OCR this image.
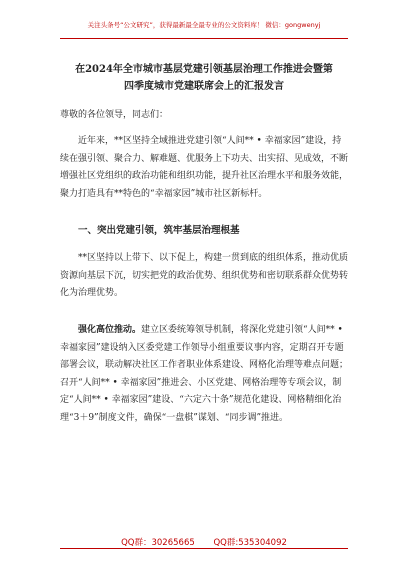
关注头条号“公文研究”，获得最新最全最专业的公文资料库！ 微信：gongwenyj
在2024年全市城市基层党建引领基层治理工作推进会暨第
四季度城市党建联席会上的汇报发言
尊敬的各位领导，同志们：
近年来，**区坚持全域推进党建引领“人间** • 幸福家园”建设，持续在强引领、聚合力、解难题、优服务上下功夫、出实招、见成效，不断增强社区党组织的政治功能和组织功能，提升社区治理水平和服务效能，聚力打造具有**特色的“幸福家园”城市社区新标杆。
一、突出党建引领，筑牢基层治理根基
**区坚持以上带下、以下促上，构建一贯到底的组织体系，推动优质资源向基层下沉，切实把党的政治优势、组织优势和密切联系群众优势转化为治理优势。
强化高位推动。建立区委统筹领导机制，将深化党建引领“人间** • 幸福家园”建设纳入区委党建工作领导小组重要议事内容，定期召开专题部署会议，联动解决社区工作者职业体系建设、网格化治理等难点问题；召开“人间** • 幸福家园”推进会、小区党建、网格治理等专项会议，制定“人间** • 幸福家园”建设、“六定六十条”规范化建设、网格精细化治理“3＋9”制度文件，确保“一盘棋”谋划、“同步调”推进。
QQ群：30265665 QQ群:535304092
